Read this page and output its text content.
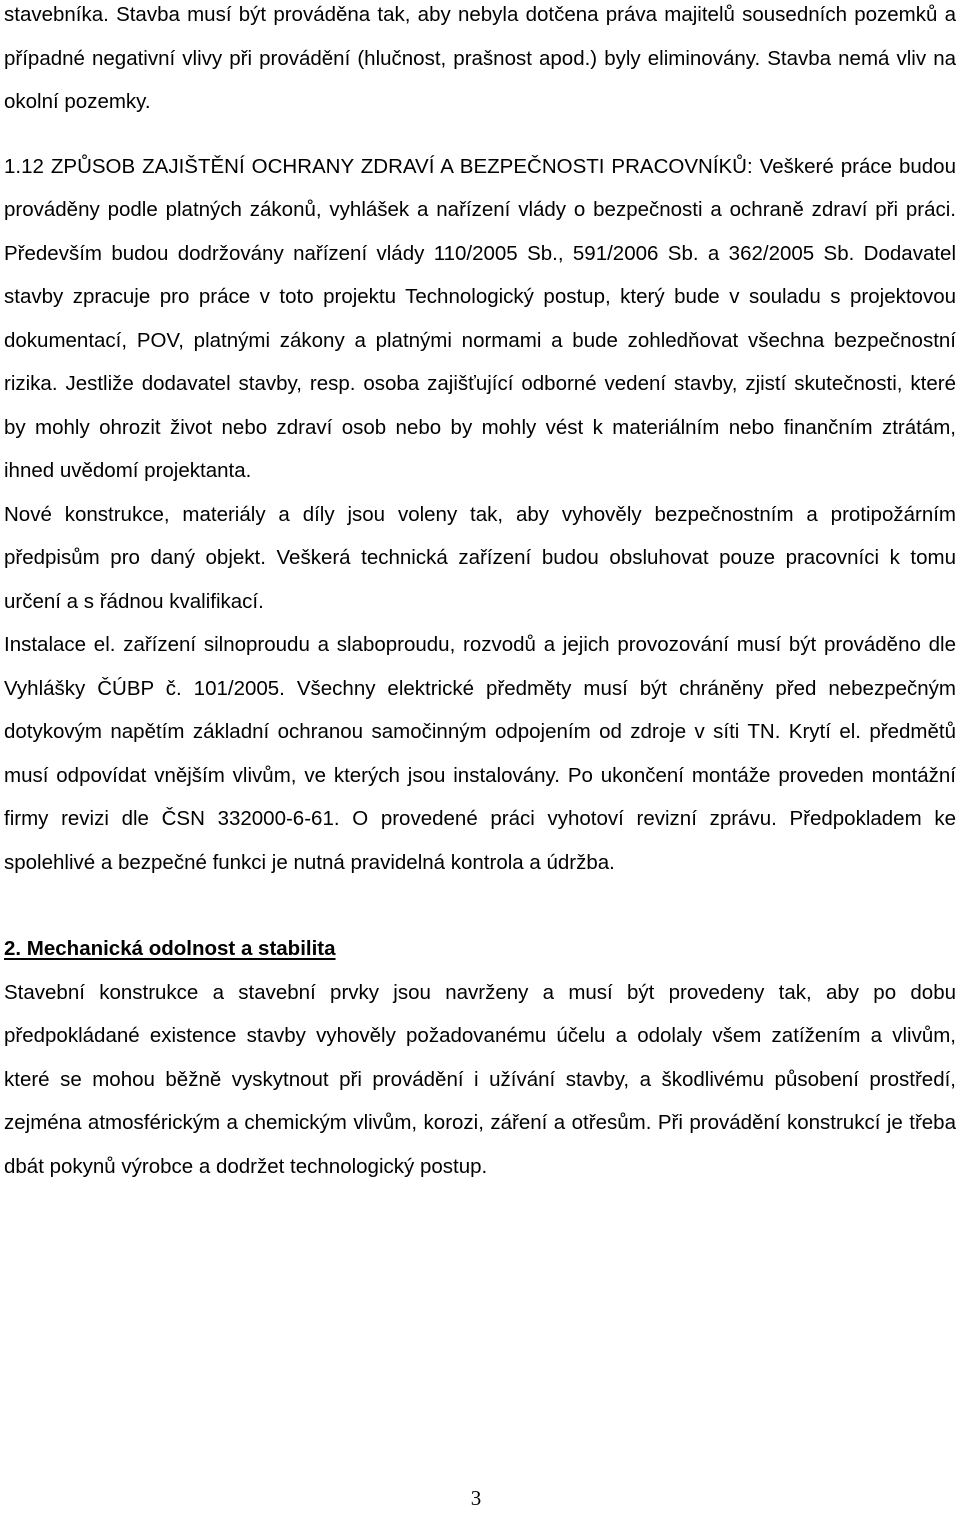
stavebníka. Stavba musí být prováděna tak, aby nebyla dotčena práva majitelů sousedních pozemků a případné negativní vlivy při provádění (hlučnost, prašnost apod.) byly eliminovány. Stavba nemá vliv na okolní pozemky.

1.12 ZPŮSOB ZAJIŠTĚNÍ OCHRANY ZDRAVÍ A BEZPEČNOSTI PRACOVNÍKŮ: Veškeré práce budou prováděny podle platných zákonů, vyhlášek a nařízení vlády o bezpečnosti a ochraně zdraví při práci. Především budou dodržovány nařízení vlády 110/2005 Sb., 591/2006 Sb. a 362/2005 Sb. Dodavatel stavby zpracuje pro práce v toto projektu Technologický postup, který bude v souladu s projektovou dokumentací, POV, platnými zákony a platnými normami a bude zohledňovat všechna bezpečnostní rizika. Jestliže dodavatel stavby, resp. osoba zajišťující odborné vedení stavby, zjistí skutečnosti, které by mohly ohrozit život nebo zdraví osob nebo by mohly vést k materiálním nebo finančním ztrátám, ihned uvědomí projektanta.

Nové konstrukce, materiály a díly jsou voleny tak, aby vyhověly bezpečnostním a protipožárním předpisům pro daný objekt. Veškerá technická zařízení budou obsluhovat pouze pracovníci k tomu určení a s řádnou kvalifikací.

Instalace el. zařízení silnoproudu a slaboproudu, rozvodů a jejich provozování musí být prováděno dle Vyhlášky ČÚBP č. 101/2005. Všechny elektrické předměty musí být chráněny před nebezpečným dotykovým napětím základní ochranou samočinným odpojením od zdroje v síti TN. Krytí el. předmětů musí odpovídat vnějším vlivům, ve kterých jsou instalovány. Po ukončení montáže proveden montážní firmy revizi dle ČSN 332000-6-61. O provedené práci vyhotoví revizní zprávu. Předpokladem ke spolehlivé a bezpečné funkci je nutná pravidelná kontrola a údržba.

2. Mechanická odolnost a stabilita

Stavební konstrukce a stavební prvky jsou navrženy a musí být provedeny tak, aby po dobu předpokládané existence stavby vyhověly požadovanému účelu a odolaly všem zatížením a vlivům, které se mohou běžně vyskytnout při provádění i užívání stavby, a škodlivému působení prostředí, zejména atmosférickým a chemickým vlivům, korozi, záření a otřesům. Při provádění konstrukcí je třeba dbát pokynů výrobce a dodržet technologický postup.

3
